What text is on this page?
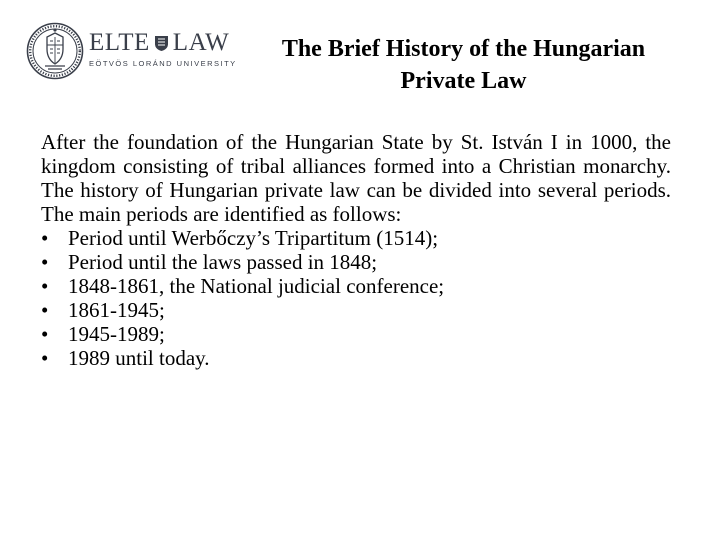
ELTE LAW
EÖTVÖS LORÁND UNIVERSITY
The Brief History of the Hungarian
Private Law

After the foundation of the Hungarian State by St. István I in 1000, the kingdom consisting of tribal alliances formed into a Christian monarchy. The history of Hungarian private law can be divided into several periods. The main periods are identified as follows:

• Period until Werbőczy’s Tripartitum (1514);
• Period until the laws passed in 1848;
• 1848-1861, the National judicial conference;
• 1861-1945;
• 1945-1989;
• 1989 until today.
